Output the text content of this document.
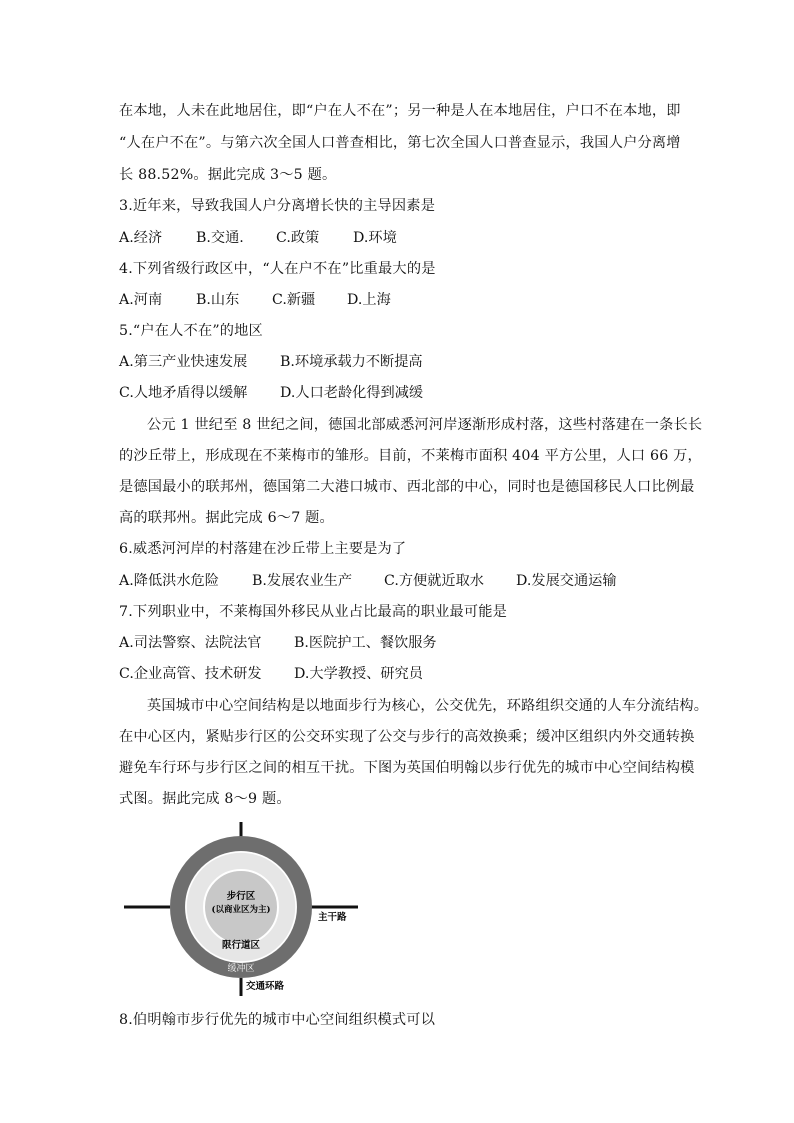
在本地，人未在此地居住，即“户在人不在”；另一种是人在本地居住，户口不在本地，即
“人在户不在”。与第六次全国人口普查相比，第七次全国人口普查显示，我国人户分离增
长 88.52%。据此完成 3～5 题。
3.近年来，导致我国人户分离增长快的主导因素是
A.经济 B.交通. C.政策 D.环境
4.下列省级行政区中，“人在户不在”比重最大的是
A.河南 B.山东 C.新疆 D.上海
5.“户在人不在”的地区
A.第三产业快速发展 B.环境承载力不断提高
C.人地矛盾得以缓解 D.人口老龄化得到减缓
公元 1 世纪至 8 世纪之间，德国北部威悉河河岸逐渐形成村落，这些村落建在一条长长
的沙丘带上，形成现在不莱梅市的雏形。目前，不莱梅市面积 404 平方公里，人口 66 万，
是德国最小的联邦州，德国第二大港口城市、西北部的中心，同时也是德国移民人口比例最
高的联邦州。据此完成 6～7 题。
6.威悉河河岸的村落建在沙丘带上主要是为了
A.降低洪水危险 B.发展农业生产 C.方便就近取水 D.发展交通运输
7.下列职业中，不莱梅国外移民从业占比最高的职业最可能是
A.司法警察、法院法官 B.医院护工、餐饮服务
C.企业高管、技术研发 D.大学教授、研究员
英国城市中心空间结构是以地面步行为核心，公交优先，环路组织交通的人车分流结构。
在中心区内，紧贴步行区的公交环实现了公交与步行的高效换乘；缓冲区组织内外交通转换
避免车行环与步行区之间的相互干扰。下图为英国伯明翰以步行优先的城市中心空间结构模
式图。据此完成 8～9 题。
步行区
(以商业区为主)
限行道区
缓冲区
交通环路
主干路
8.伯明翰市步行优先的城市中心空间组织模式可以
